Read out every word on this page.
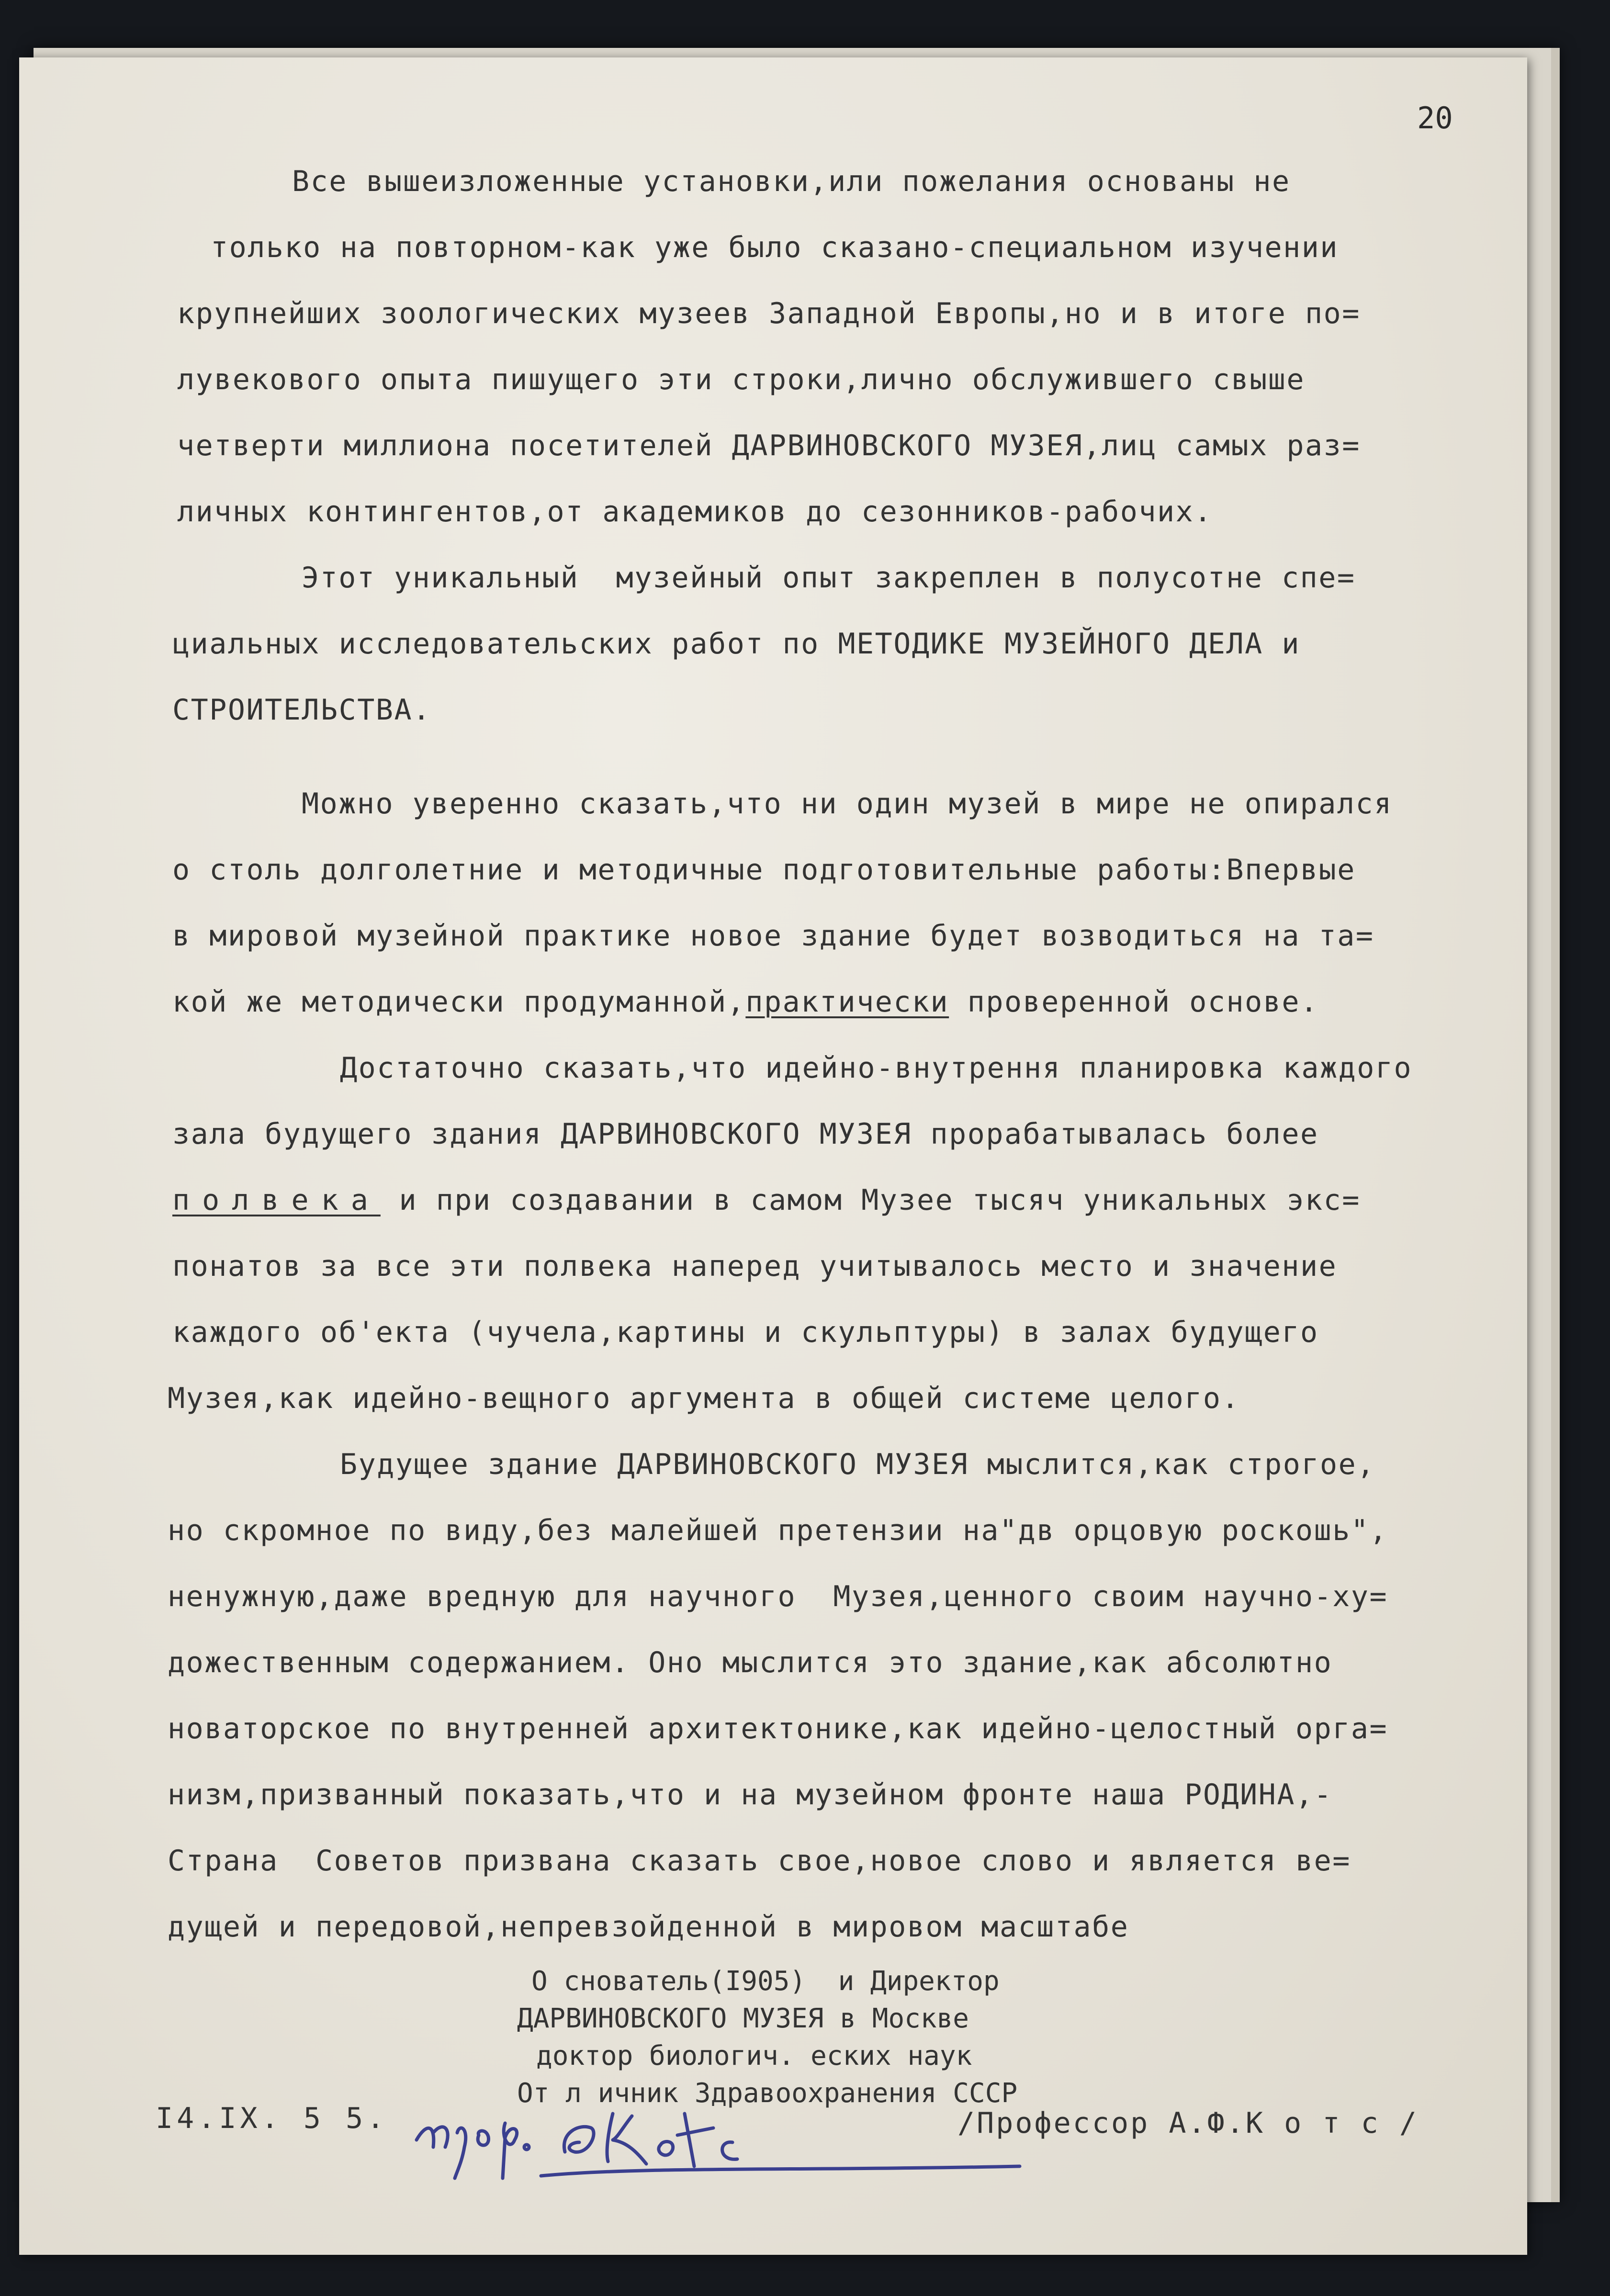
20
Все вышеизложенные установки,или пожелания основаны не
только на повторном-как уже было сказано-специальном изучении
крупнейших зоологических музеев Западной Европы,но и в итоге по=
лувекового опыта пишущего эти строки,лично обслужившего свыше
четверти миллиона посетителей ДАРВИНОВСКОГО МУЗЕЯ,лиц самых раз=
личных контингентов,от академиков до сезонников-рабочих.
Этот уникальный  музейный опыт закреплен в полусотне спе=
циальных исследовательских работ по МЕТОДИКЕ МУЗЕЙНОГО ДЕЛА и
СТРОИТЕЛЬСТВА.
Можно уверенно сказать,что ни один музей в мире не опирался
о столь долголетние и методичные подготовительные работы:Впервые
в мировой музейной практике новое здание будет возводиться на та=
кой же методически продуманной,практически проверенной основе.
Достаточно сказать,что идейно-внутрення планировка каждого
зала будущего здания ДАРВИНОВСКОГО МУЗЕЯ прорабатывалась более
полвека и при создавании в самом Музее тысяч уникальных экс=
понатов за все эти полвека наперед учитывалось место и значение
каждого об'екта (чучела,картины и скульптуры) в залах будущего
Музея,как идейно-вещного аргумента в общей системе целого.
Будущее здание ДАРВИНОВСКОГО МУЗЕЯ мыслится,как строгое,
но скромное по виду,без малейшей претензии на"дв орцовую роскошь",
ненужную,даже вредную для научного  Музея,ценного своим научно-ху=
дожественным содержанием. Оно мыслится это здание,как абсолютно
новаторское по внутренней архитектонике,как идейно-целостный орга=
низм,призванный показать,что и на музейном фронте наша РОДИНА,-
Страна  Советов призвана сказать свое,новое слово и является ве=
дущей и передовой,непревзойденной в мировом масштабе
О снователь(I905)  и Директор
ДАРВИНОВСКОГО МУЗЕЯ в Москве
доктор биологич. еских наук
От л ичник Здравоохранения СССР
I4.IX. 5 5.	/Профессор А.Ф.К о т с /
